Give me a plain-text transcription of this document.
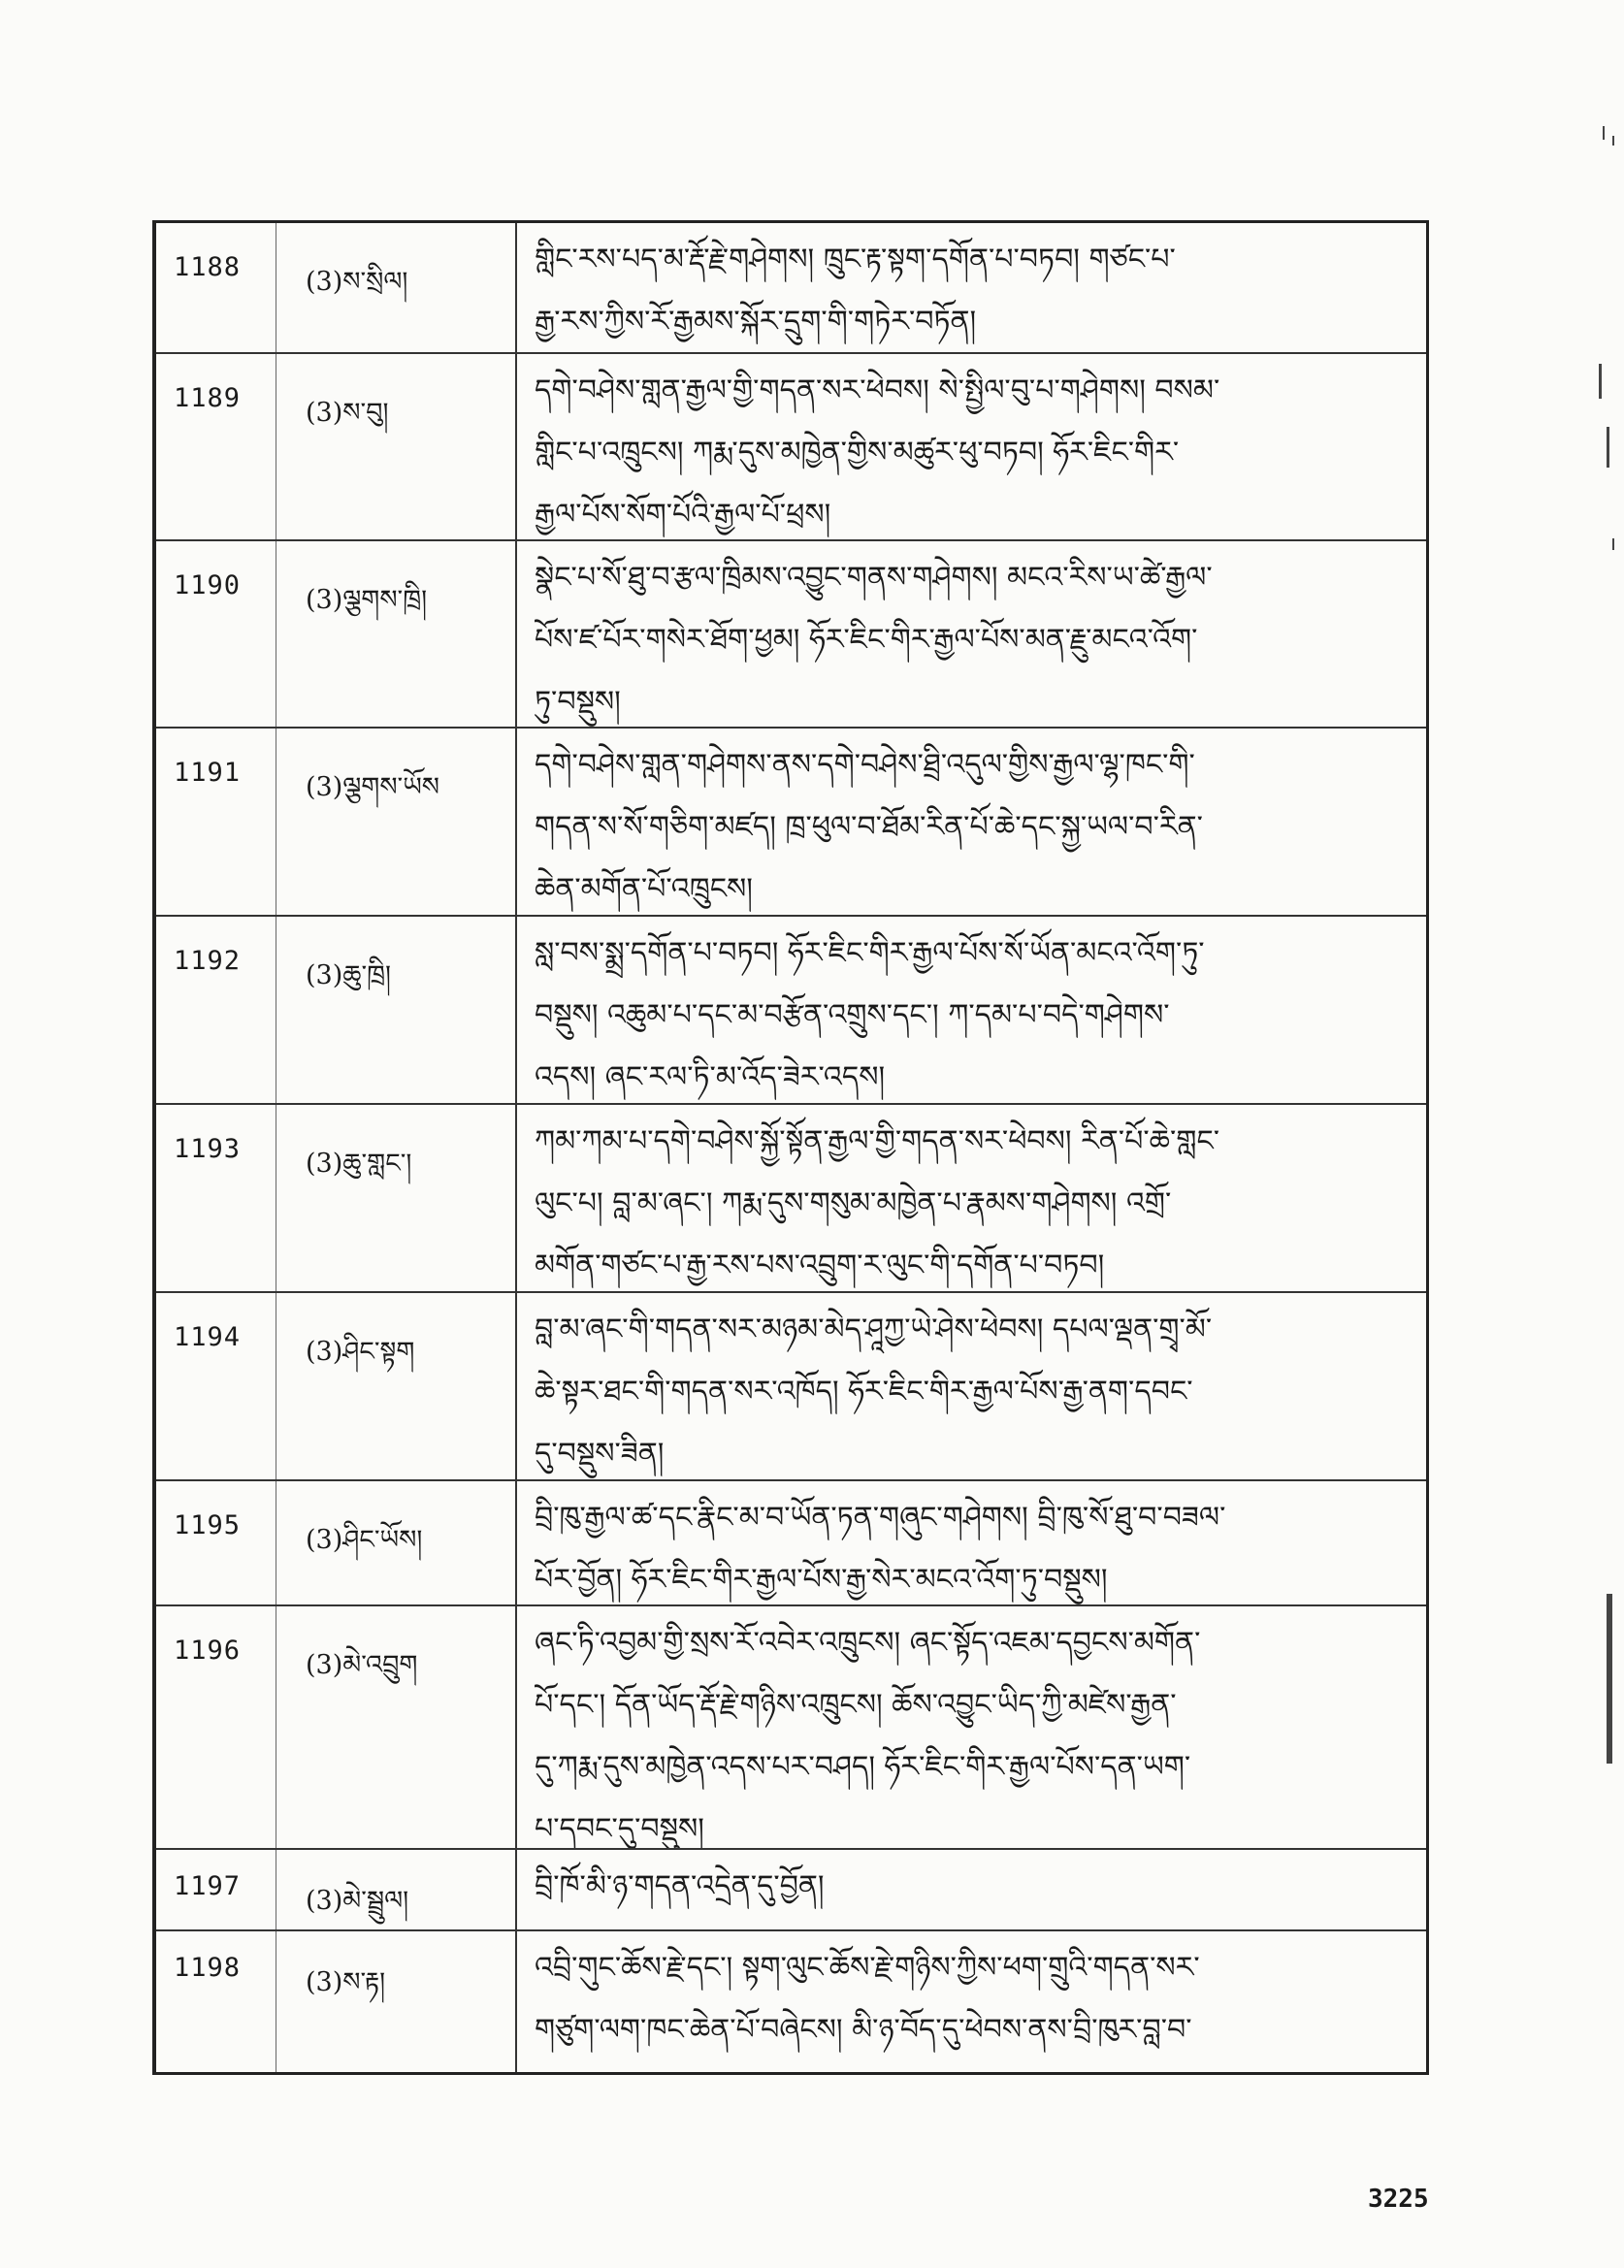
1188	(3)ས་སྲིལ།
གླིང་རས་པད་མ་རྡོ་རྗེ་གཤེགས། ཁྲུང་རྟ་སྟག་དགོན་པ་བཏབ། གཙང་པ་
རྒྱ་རས་ཀྱིས་ཪོ་རྒྱམས་སྐོར་དྲུག་གི་གཏེར་བཏོན།
1189	(3)ས་བུ།
དགེ་བཤེས་གླན་རྒྱལ་གྱི་གདན་སར་ཕེབས། སེ་སྤྱིལ་བུ་པ་གཤེགས། བསམ་
གླིང་པ་འཁྲུངས། ཀརྨ་དུས་མཁྱེན་གྱིས་མཚུར་ཕུ་བཏབ། ཧོར་ཇིང་གིར་
རྒྱལ་པོས་སོག་པོའི་རྒྱལ་པོ་ཕྲས།
1190	(3)ལྕགས་ཁྲི།
སྣེང་པ་སོ་ཐུ་བ་རྩལ་ཁྲིམས་འབྱུང་གནས་གཤེགས། མངའ་རིས་ཡ་ཚེ་རྒྱལ་
པོས་ཛ་པོར་གསེར་ཐོག་ཕྱམ། ཧོར་ཇིང་གིར་རྒྱལ་པོས་མན་རྗུ་མངའ་འོག་
ཏུ་བསྡུས།
1191	(3)ལྕགས་ཡོས
དགེ་བཤེས་གླན་གཤེགས་ནས་དགེ་བཤེས་ཐྲི་འདུལ་གྱིས་རྒྱལ་ལྷ་ཁང་གི་
གདན་ས་སོ་གཅིག་མཛད། ཁྲ་ཕུལ་བ་ཐོམ་རིན་པོ་ཆེ་དང་སྐྱ་ཡལ་བ་རིན་
ཆེན་མགོན་པོ་འཁྲུངས།
1192	(3)ཆུ་ཁྲི།
སླ་བས་སྨྲ་དགོན་པ་བཏབ། ཧོར་ཇིང་གིར་རྒྱལ་པོས་སོ་ཡོན་མངའ་འོག་ཏུ་
བསྡུས། འཆུམ་པ་དང་མ་བརྩོན་འགྲུས་དང་། ཀ་དམ་པ་བདེ་གཤེགས་
འདས། ཞང་རལ་ཏི་མ་འོད་ཟེར་འདས།
1193	(3)ཆུ་གླང་།
ཀམ་ཀམ་པ་དགེ་བཤེས་སྐྱོ་སྟོན་རྒྱལ་གྱི་གདན་སར་ཕེབས། རིན་པོ་ཆེ་གླང་
ལུང་པ། བླ་མ་ཞང་། ཀརྨ་དུས་གསུམ་མཁྱེན་པ་རྣམས་གཤེགས། འགྲོ་
མགོན་གཙང་པ་རྒྱ་རས་པས་འབྲུག་ར་ལུང་གི་དགོན་པ་བཏབ།
1194	(3)ཤིང་སྟག
བླ་མ་ཞང་གི་གདན་སར་མཉམ་མེད་ཤཱཀྱ་ཡེ་ཤེས་ཕེབས། དཔལ་ལྡན་གྲྭ་མོ་
ཆེ་སྟར་ཐང་གི་གདན་སར་འཁོད། ཧོར་ཇིང་གིར་རྒྱལ་པོས་རྒྱ་ནག་དབང་
དུ་བསྡུས་ཟིན།
1195	(3)ཤིང་ཡོས།
བྲི་ཁུ་རྒྱལ་ཚ་དང་རྣིང་མ་བ་ཡོན་ཏན་གཞུང་གཤེགས། བྲི་ཁུ་སོ་ཐུ་བ་བཟལ་
པོར་བྱོན། ཧོར་ཇིང་གིར་རྒྱལ་པོས་རྒྱ་སེར་མངའ་འོག་ཏུ་བསྡུས།
1196	(3)མེ་འབྲུག
ཞང་ཏི་འབྱམ་གྱི་སྲས་ཪོ་འབེར་འཁྲུངས། ཞང་སྟོད་འཇམ་དབྱངས་མགོན་
པོ་དང་། དོན་ཡོད་རྡོ་རྗེ་གཉིས་འཁྲུངས། ཆོས་འབྱུང་ཡིད་ཀྱི་མཛེས་རྒྱན་
དུ་ཀརྨ་དུས་མཁྱེན་འདས་པར་བཤད། ཧོར་ཇིང་གིར་རྒྱལ་པོས་དན་ཡག་
པ་དབང་དུ་བསྡུས།
1197	(3)མེ་སྦྲུལ།	བྲི་ཁོ་མི་ཉ་གདན་འདྲེན་དུ་བྱོན།
1198	(3)ས་རྟ།	འབྲི་གུང་ཆོས་རྗེ་དང་། སྟག་ལུང་ཆོས་རྗེ་གཉིས་ཀྱིས་ཕག་གྲུའི་གདན་སར་
གཙུག་ལག་ཁང་ཆེན་པོ་བཞེངས། མི་ཉ་བོད་དུ་ཕེབས་ནས་བྲི་ཁུར་བླ་བ་
3225
